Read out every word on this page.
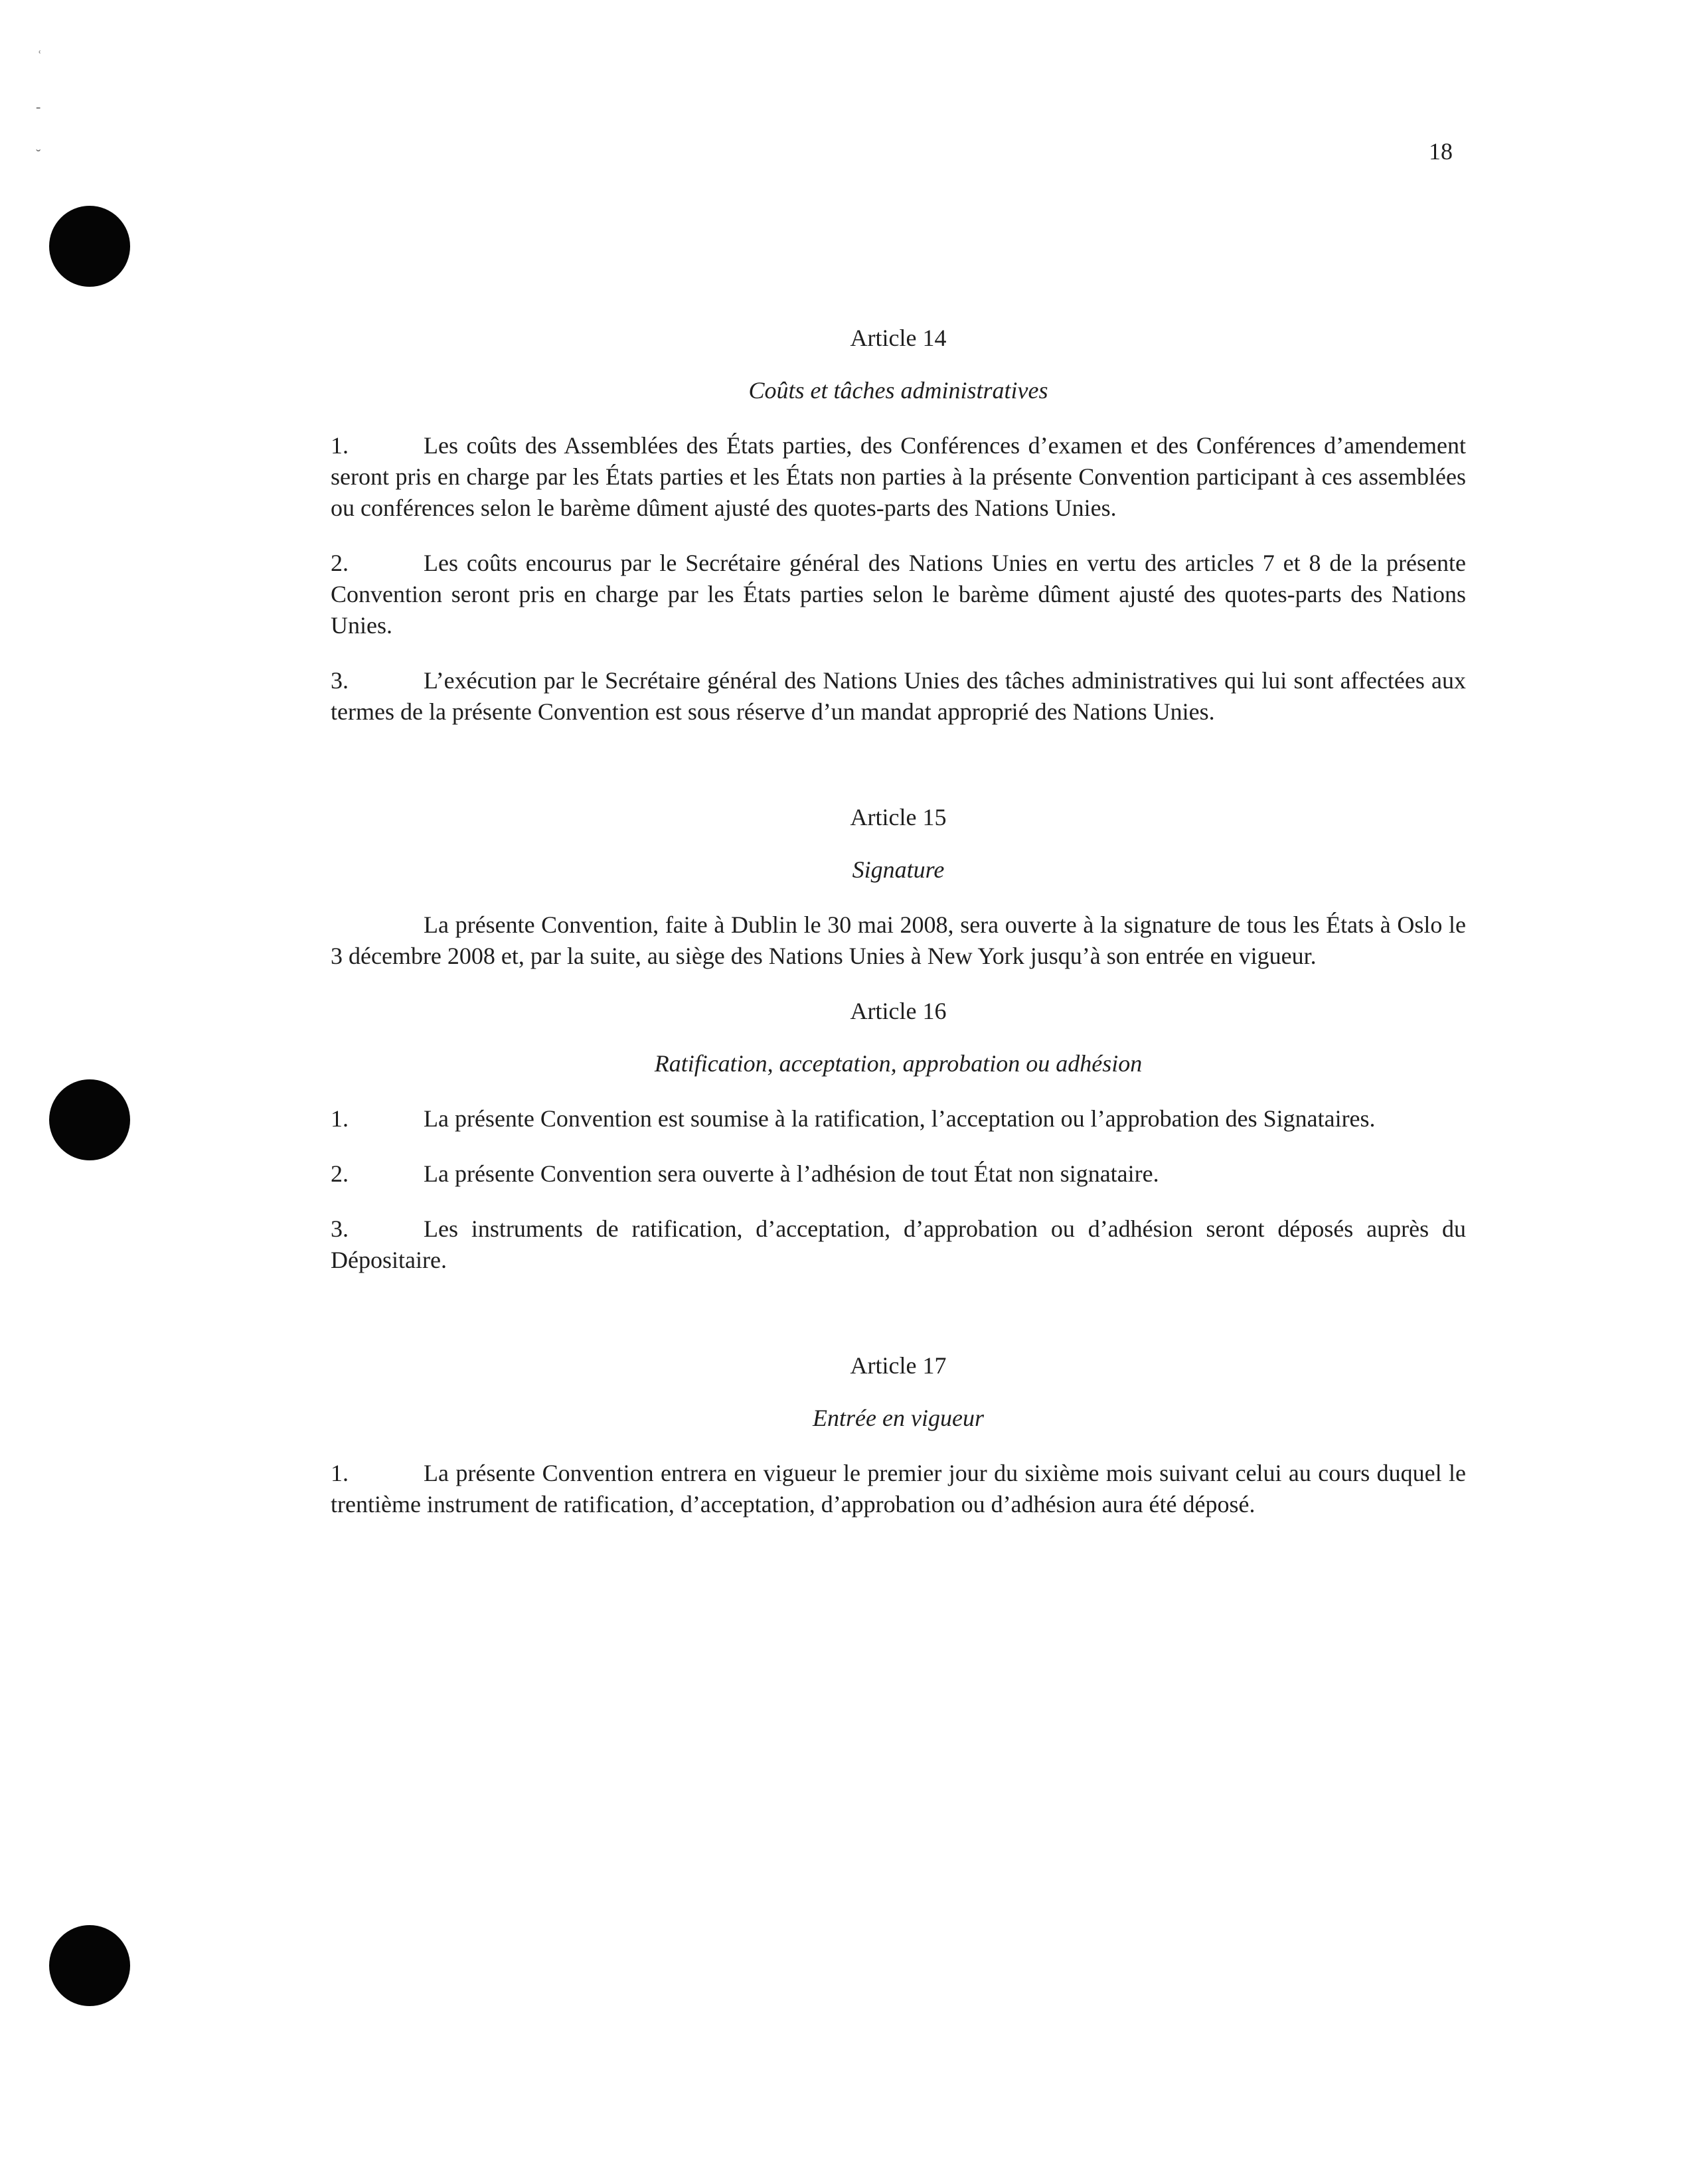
ʿ
-
˘	18
Article 14
Coûts et tâches administratives

1.	Les coûts des Assemblées des États parties, des Conférences d’examen et des Conférences d’amendement seront pris en charge par les États parties et les États non parties à la présente Convention participant à ces assemblées ou conférences selon le barème dûment ajusté des quotes-parts des Nations Unies.

2.	Les coûts encourus par le Secrétaire général des Nations Unies en vertu des articles 7 et 8 de la présente Convention seront pris en charge par les États parties selon le barème dûment ajusté des quotes-parts des Nations Unies.

3.	L’exécution par le Secrétaire général des Nations Unies des tâches administratives qui lui sont affectées aux termes de la présente Convention est sous réserve d’un mandat approprié des Nations Unies.

Article 15
Signature

La présente Convention, faite à Dublin le 30 mai 2008, sera ouverte à la signature de tous les États à Oslo le 3 décembre 2008 et, par la suite, au siège des Nations Unies à New York jusqu’à son entrée en vigueur.

Article 16
Ratification, acceptation, approbation ou adhésion

1.	La présente Convention est soumise à la ratification, l’acceptation ou l’approbation des Signataires.

2.	La présente Convention sera ouverte à l’adhésion de tout État non signataire.

3.	Les instruments de ratification, d’acceptation, d’approbation ou d’adhésion seront déposés auprès du Dépositaire.

Article 17
Entrée en vigueur

1.	La présente Convention entrera en vigueur le premier jour du sixième mois suivant celui au cours duquel le trentième instrument de ratification, d’acceptation, d’approbation ou d’adhésion aura été déposé.
